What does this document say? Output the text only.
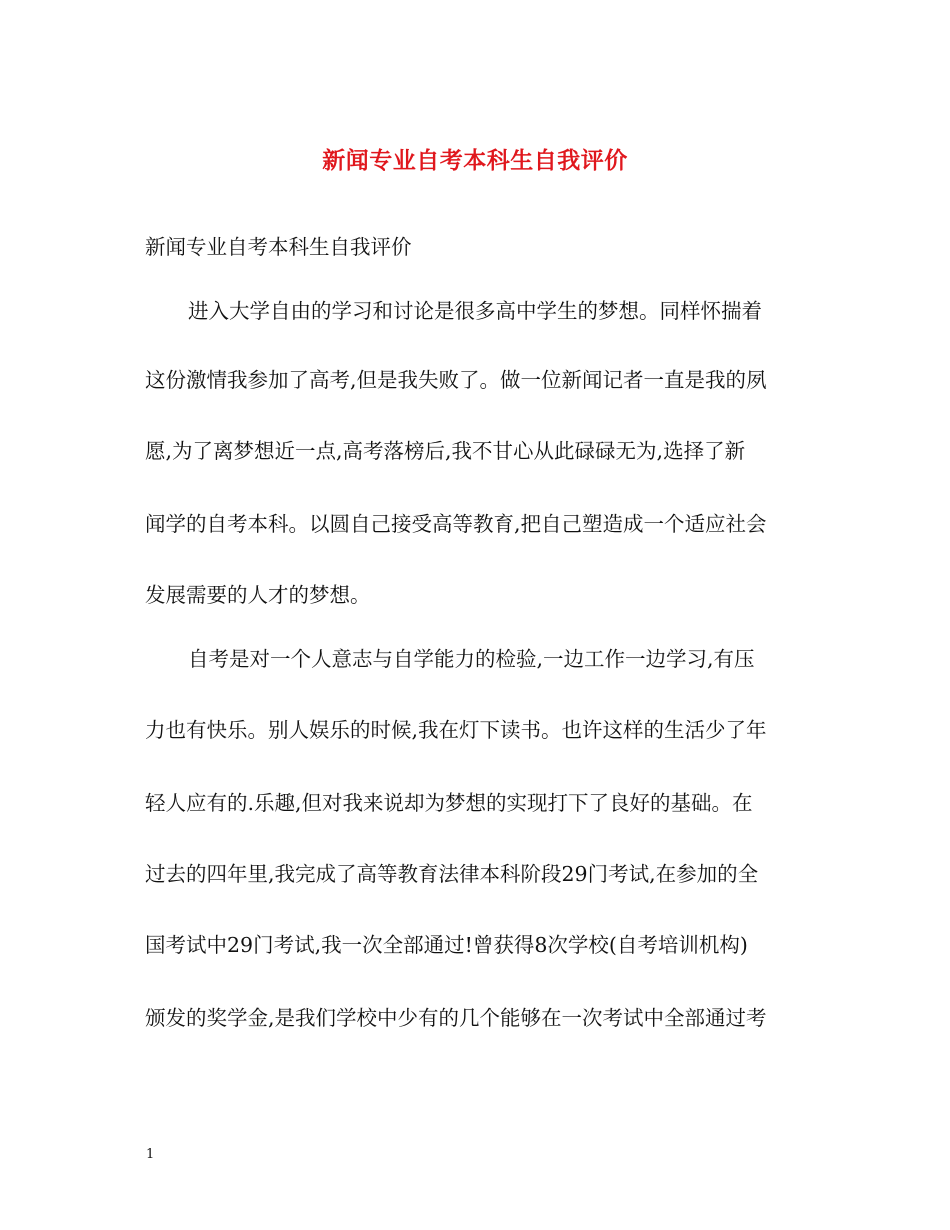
新闻专业自考本科生自我评价
新闻专业自考本科生自我评价
进入大学自由的学习和讨论是很多高中学生的梦想。同样怀揣着
这份激情我参加了高考,但是我失败了。做一位新闻记者一直是我的夙
愿,为了离梦想近一点,高考落榜后,我不甘心从此碌碌无为,选择了新
闻学的自考本科。以圆自己接受高等教育,把自己塑造成一个适应社会
发展需要的人才的梦想。
自考是对一个人意志与自学能力的检验,一边工作一边学习,有压
力也有快乐。别人娱乐的时候,我在灯下读书。也许这样的生活少了年
轻人应有的.乐趣,但对我来说却为梦想的实现打下了良好的基础。在
过去的四年里,我完成了高等教育法律本科阶段29门考试,在参加的全
国考试中29门考试,我一次全部通过!曾获得8次学校(自考培训机构)
颁发的奖学金,是我们学校中少有的几个能够在一次考试中全部通过考
1
